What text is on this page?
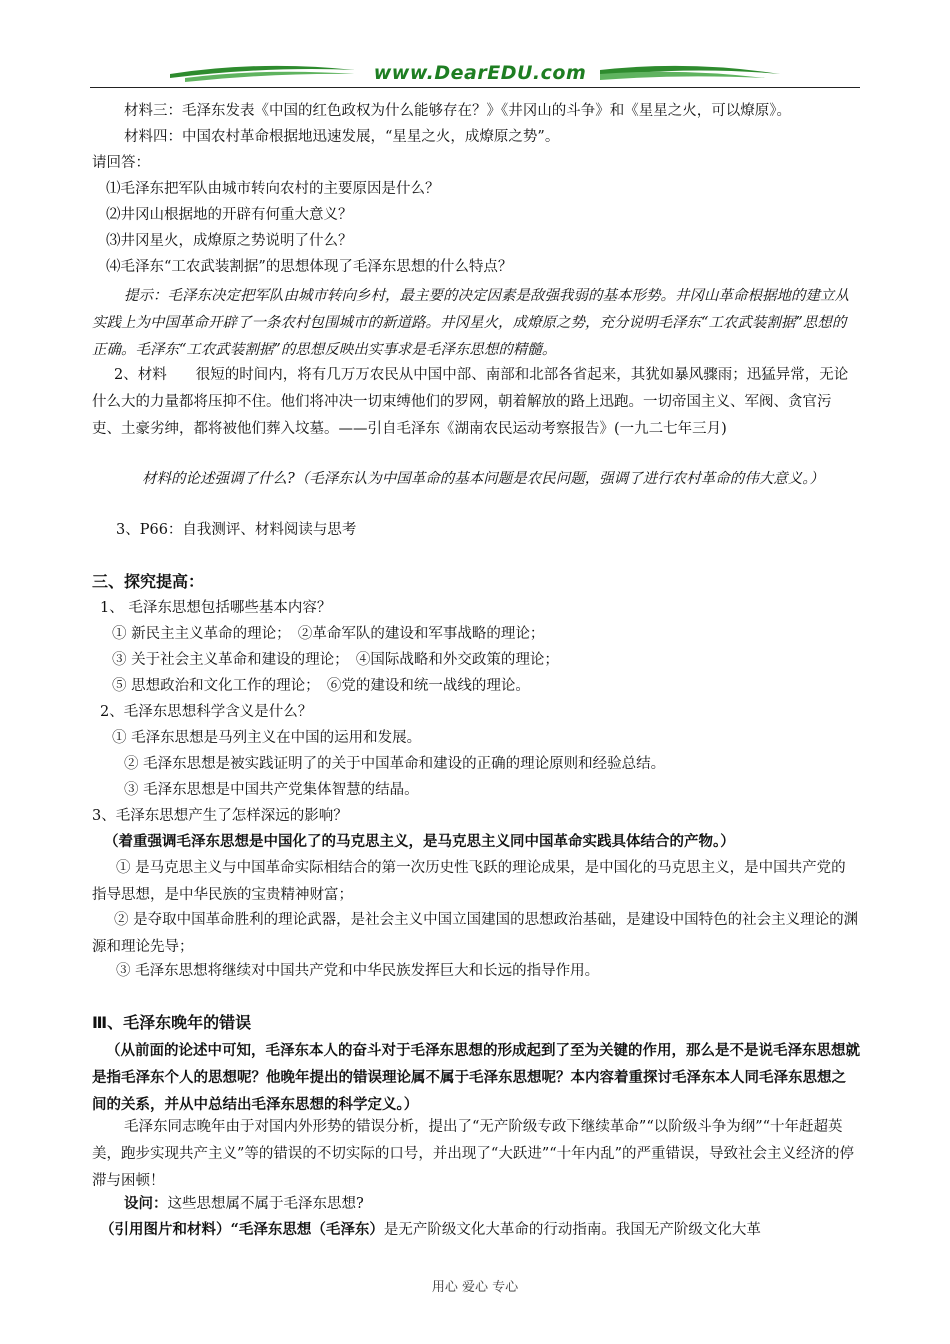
www.DearEDU.com
材料三：毛泽东发表《中国的红色政权为什么能够存在？》《井冈山的斗争》和《星星之火，可以燎原》。
材料四：中国农村革命根据地迅速发展，“星星之火，成燎原之势”。
请回答：
⑴毛泽东把军队由城市转向农村的主要原因是什么？
⑵井冈山根据地的开辟有何重大意义？
⑶井冈星火，成燎原之势说明了什么？
⑷毛泽东“工农武装割据”的思想体现了毛泽东思想的什么特点？
提示：毛泽东决定把军队由城市转向乡村，最主要的决定因素是敌强我弱的基本形势。井冈山革命根据地的建立从实践上为中国革命开辟了一条农村包围城市的新道路。井冈星火，成燎原之势，充分说明毛泽东“工农武装割据”思想的正确。毛泽东“工农武装割据”的思想反映出实事求是毛泽东思想的精髓。
2、材料　　很短的时间内，将有几万万农民从中国中部、南部和北部各省起来，其犹如暴风骤雨；迅猛异常，无论什么大的力量都将压抑不住。他们将冲决一切束缚他们的罗网，朝着解放的路上迅跑。一切帝国主义、军阀、贪官污吏、土豪劣绅，都将被他们葬入坟墓。——引自毛泽东《湖南农民运动考察报告》(一九二七年三月)
材料的论述强调了什么?（毛泽东认为中国革命的基本问题是农民问题，强调了进行农村革命的伟大意义。）
3、P66：自我测评、材料阅读与思考
三、探究提高：
1、 毛泽东思想包括哪些基本内容？
① 新民主主义革命的理论；　②革命军队的建设和军事战略的理论；
③ 关于社会主义革命和建设的理论；　④国际战略和外交政策的理论；
⑤ 思想政治和文化工作的理论；　⑥党的建设和统一战线的理论。
2、毛泽东思想科学含义是什么？
① 毛泽东思想是马列主义在中国的运用和发展。
② 毛泽东思想是被实践证明了的关于中国革命和建设的正确的理论原则和经验总结。
③ 毛泽东思想是中国共产党集体智慧的结晶。
3、毛泽东思想产生了怎样深远的影响？
（着重强调毛泽东思想是中国化了的马克思主义，是马克思主义同中国革命实践具体结合的产物。）
① 是马克思主义与中国革命实际相结合的第一次历史性飞跃的理论成果，是中国化的马克思主义，是中国共产党的指导思想，是中华民族的宝贵精神财富；
② 是夺取中国革命胜利的理论武器，是社会主义中国立国建国的思想政治基础，是建设中国特色的社会主义理论的渊源和理论先导；
③ 毛泽东思想将继续对中国共产党和中华民族发挥巨大和长远的指导作用。
Ⅲ、毛泽东晚年的错误
（从前面的论述中可知，毛泽东本人的奋斗对于毛泽东思想的形成起到了至为关键的作用，那么是不是说毛泽东思想就是指毛泽东个人的思想呢？他晚年提出的错误理论属不属于毛泽东思想呢？本内容着重探讨毛泽东本人同毛泽东思想之间的关系，并从中总结出毛泽东思想的科学定义。）
毛泽东同志晚年由于对国内外形势的错误分析，提出了“无产阶级专政下继续革命”“以阶级斗争为纲”“十年赶超英美，跑步实现共产主义”等的错误的不切实际的口号，并出现了“大跃进”“十年内乱”的严重错误，导致社会主义经济的停滞与困顿！
设问：这些思想属不属于毛泽东思想?
（引用图片和材料）“毛泽东思想（毛泽东）是无产阶级文化大革命的行动指南。我国无产阶级文化大革
用心 爱心 专心
